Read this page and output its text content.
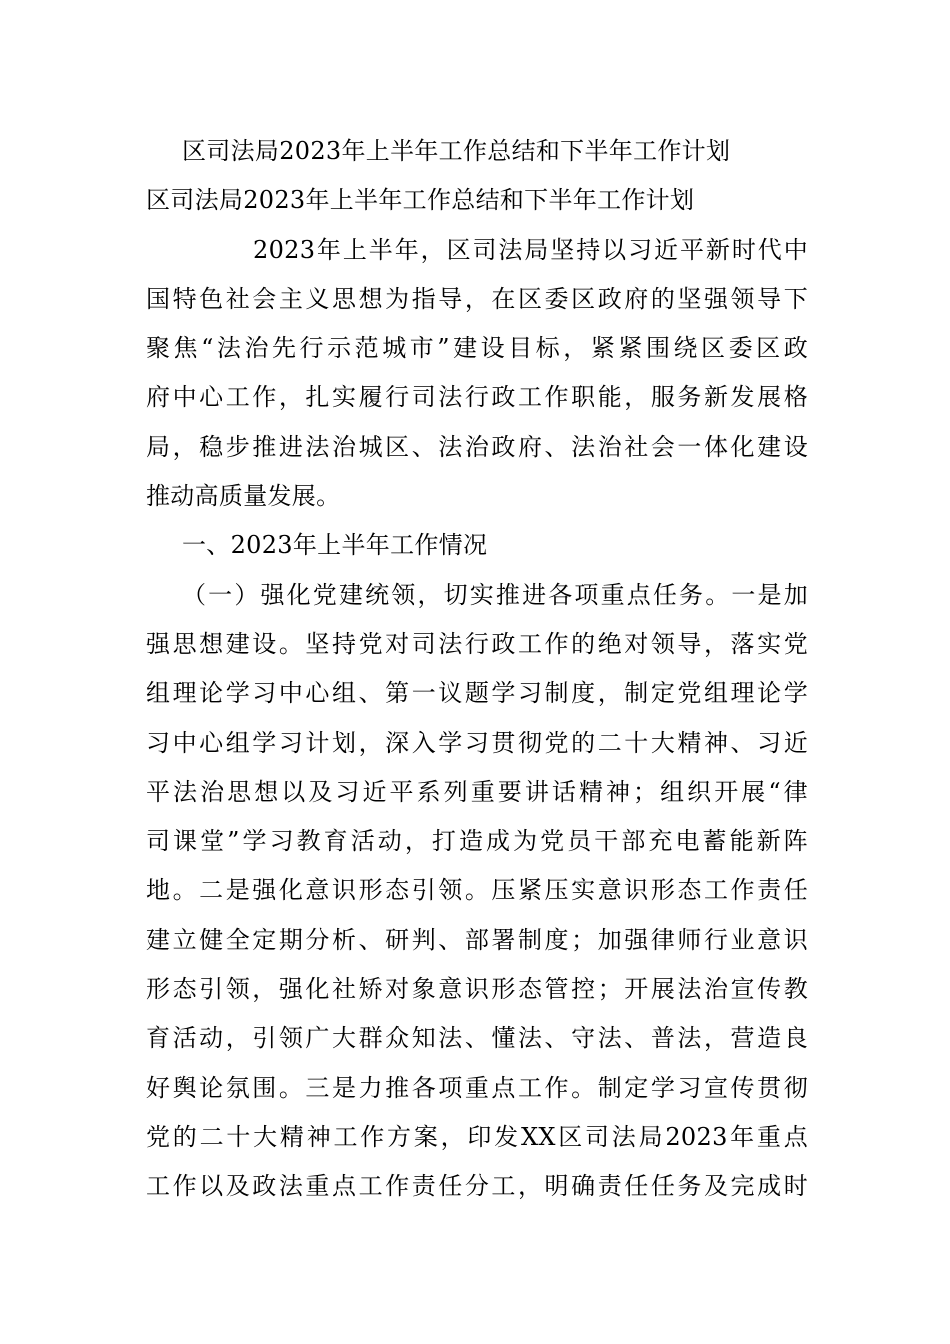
区司法局2023年上半年工作总结和下半年工作计划
区司法局2023年上半年工作总结和下半年工作计划
2023年上半年，区司法局坚持以习近平新时代中
国特色社会主义思想为指导，在区委区政府的坚强领导下
聚焦“法治先行示范城市”建设目标，紧紧围绕区委区政
府中心工作，扎实履行司法行政工作职能，服务新发展格
局，稳步推进法治城区、法治政府、法治社会一体化建设
推动高质量发展。
一、2023年上半年工作情况
（一）强化党建统领，切实推进各项重点任务。一是加
强思想建设。坚持党对司法行政工作的绝对领导，落实党
组理论学习中心组、第一议题学习制度，制定党组理论学
习中心组学习计划，深入学习贯彻党的二十大精神、习近
平法治思想以及习近平系列重要讲话精神；组织开展“律
司课堂”学习教育活动，打造成为党员干部充电蓄能新阵
地。二是强化意识形态引领。压紧压实意识形态工作责任
建立健全定期分析、研判、部署制度；加强律师行业意识
形态引领，强化社矫对象意识形态管控；开展法治宣传教
育活动，引领广大群众知法、懂法、守法、普法，营造良
好舆论氛围。三是力推各项重点工作。制定学习宣传贯彻
党的二十大精神工作方案，印发XX区司法局2023年重点
工作以及政法重点工作责任分工，明确责任任务及完成时
